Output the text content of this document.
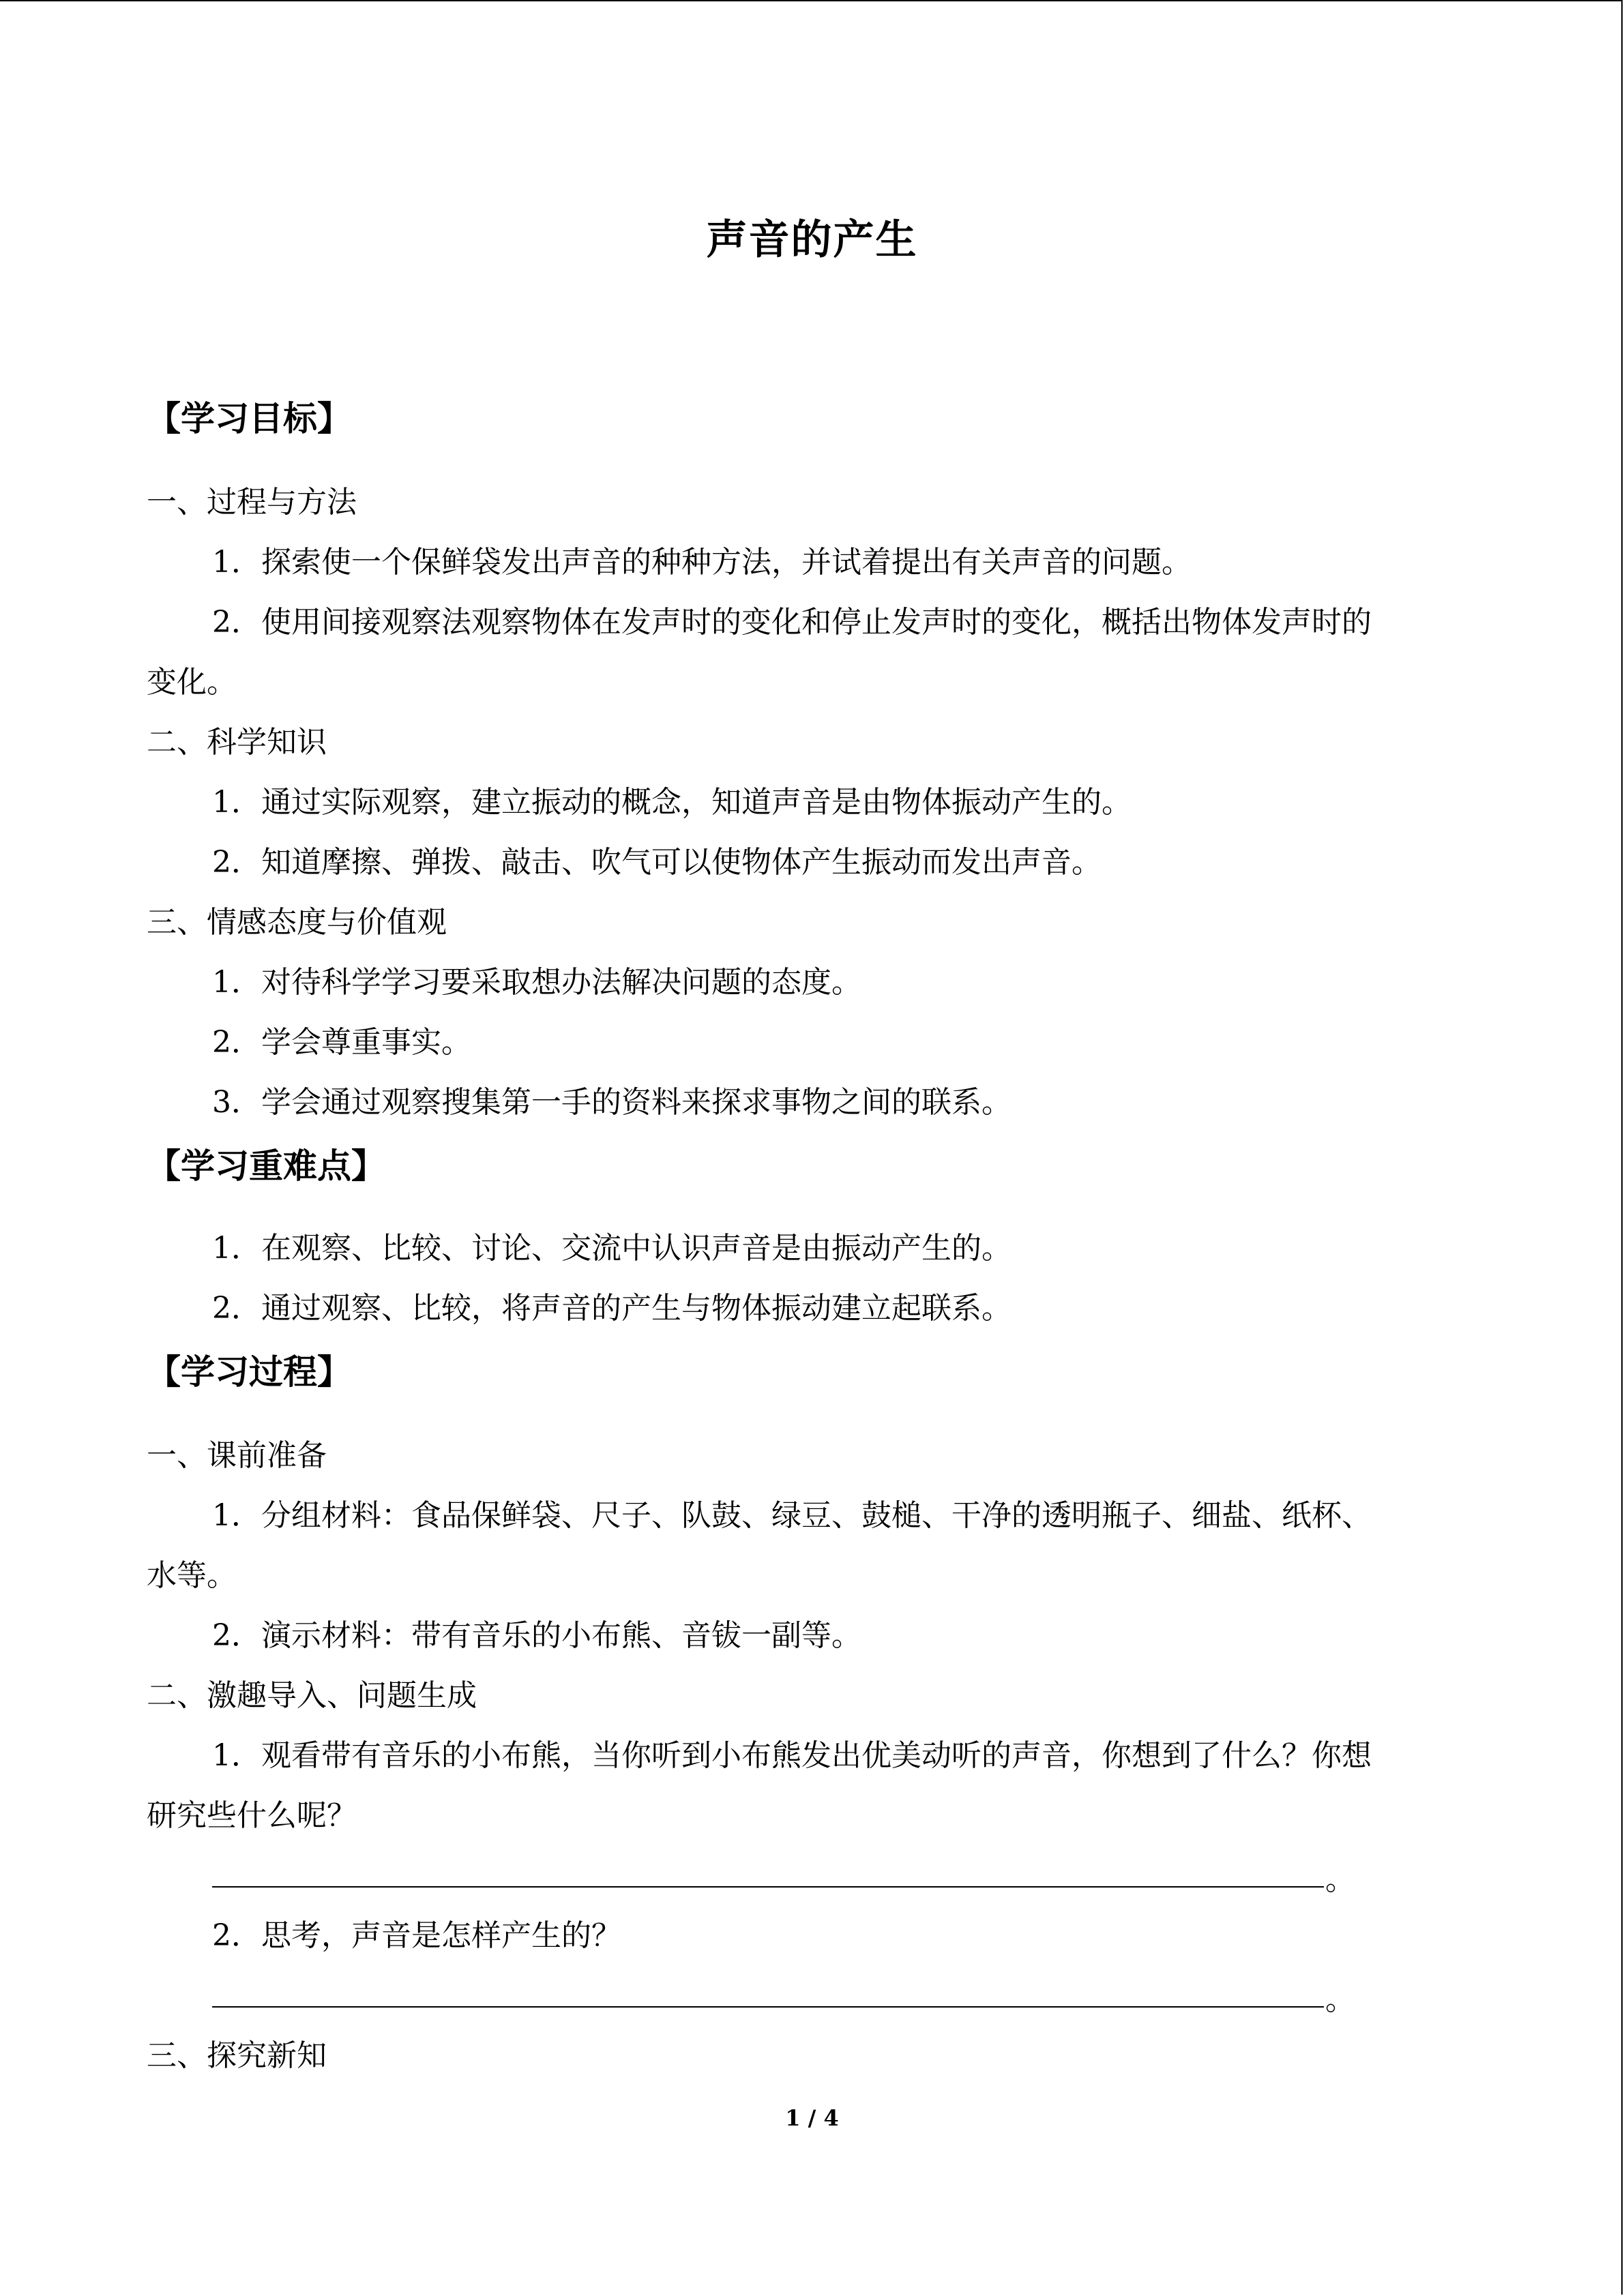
声音的产生
【学习目标】
一、过程与方法
1．探索使一个保鲜袋发出声音的种种方法，并试着提出有关声音的问题。
2．使用间接观察法观察物体在发声时的变化和停止发声时的变化，概括出物体发声时的
变化。
二、科学知识
1．通过实际观察，建立振动的概念，知道声音是由物体振动产生的。
2．知道摩擦、弹拨、敲击、吹气可以使物体产生振动而发出声音。
三、情感态度与价值观
1．对待科学学习要采取想办法解决问题的态度。
2．学会尊重事实。
3．学会通过观察搜集第一手的资料来探求事物之间的联系。
【学习重难点】
1．在观察、比较、讨论、交流中认识声音是由振动产生的。
2．通过观察、比较，将声音的产生与物体振动建立起联系。
【学习过程】
一、课前准备
1．分组材料：食品保鲜袋、尺子、队鼓、绿豆、鼓槌、干净的透明瓶子、细盐、纸杯、
水等。
2．演示材料：带有音乐的小布熊、音钹一副等。
二、激趣导入、问题生成
1．观看带有音乐的小布熊，当你听到小布熊发出优美动听的声音，你想到了什么？你想
研究些什么呢？
。
2．思考，声音是怎样产生的？
。
三、探究新知
1 / 4
